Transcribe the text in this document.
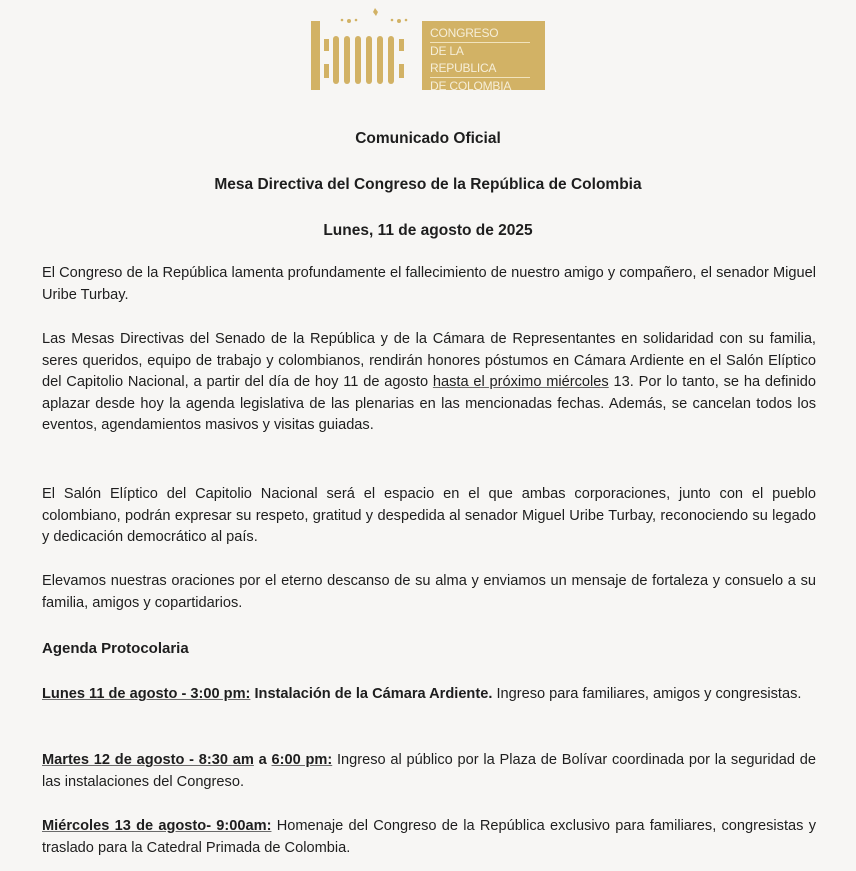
CONGRESO
DE LA REPUBLICA
DE COLOMBIA
Comunicado Oficial
Mesa Directiva del Congreso de la República de Colombia
Lunes, 11 de agosto de 2025
El Congreso de la República lamenta profundamente el fallecimiento de nuestro amigo y compañero, el senador Miguel Uribe Turbay.
Las Mesas Directivas del Senado de la República y de la Cámara de Representantes en solidaridad con su familia, seres queridos, equipo de trabajo y colombianos, rendirán honores póstumos en Cámara Ardiente en el Salón Elíptico del Capitolio Nacional, a partir del día de hoy 11 de agosto hasta el próximo miércoles 13. Por lo tanto, se ha definido aplazar desde hoy la agenda legislativa de las plenarias en las mencionadas fechas. Además, se cancelan todos los eventos, agendamientos masivos y visitas guiadas.
El Salón Elíptico del Capitolio Nacional será el espacio en el que ambas corporaciones, junto con el pueblo colombiano, podrán expresar su respeto, gratitud y despedida al senador Miguel Uribe Turbay, reconociendo su legado y dedicación democrático al país.
Elevamos nuestras oraciones por el eterno descanso de su alma y enviamos un mensaje de fortaleza y consuelo a su familia, amigos y copartidarios.
Agenda Protocolaria
Lunes 11 de agosto - 3:00 pm: Instalación de la Cámara Ardiente. Ingreso para familiares, amigos y congresistas.
Martes 12 de agosto - 8:30 am a 6:00 pm: Ingreso al público por la Plaza de Bolívar coordinada por la seguridad de las instalaciones del Congreso.
Miércoles 13 de agosto- 9:00am: Homenaje del Congreso de la República exclusivo para familiares, congresistas y traslado para la Catedral Primada de Colombia.
